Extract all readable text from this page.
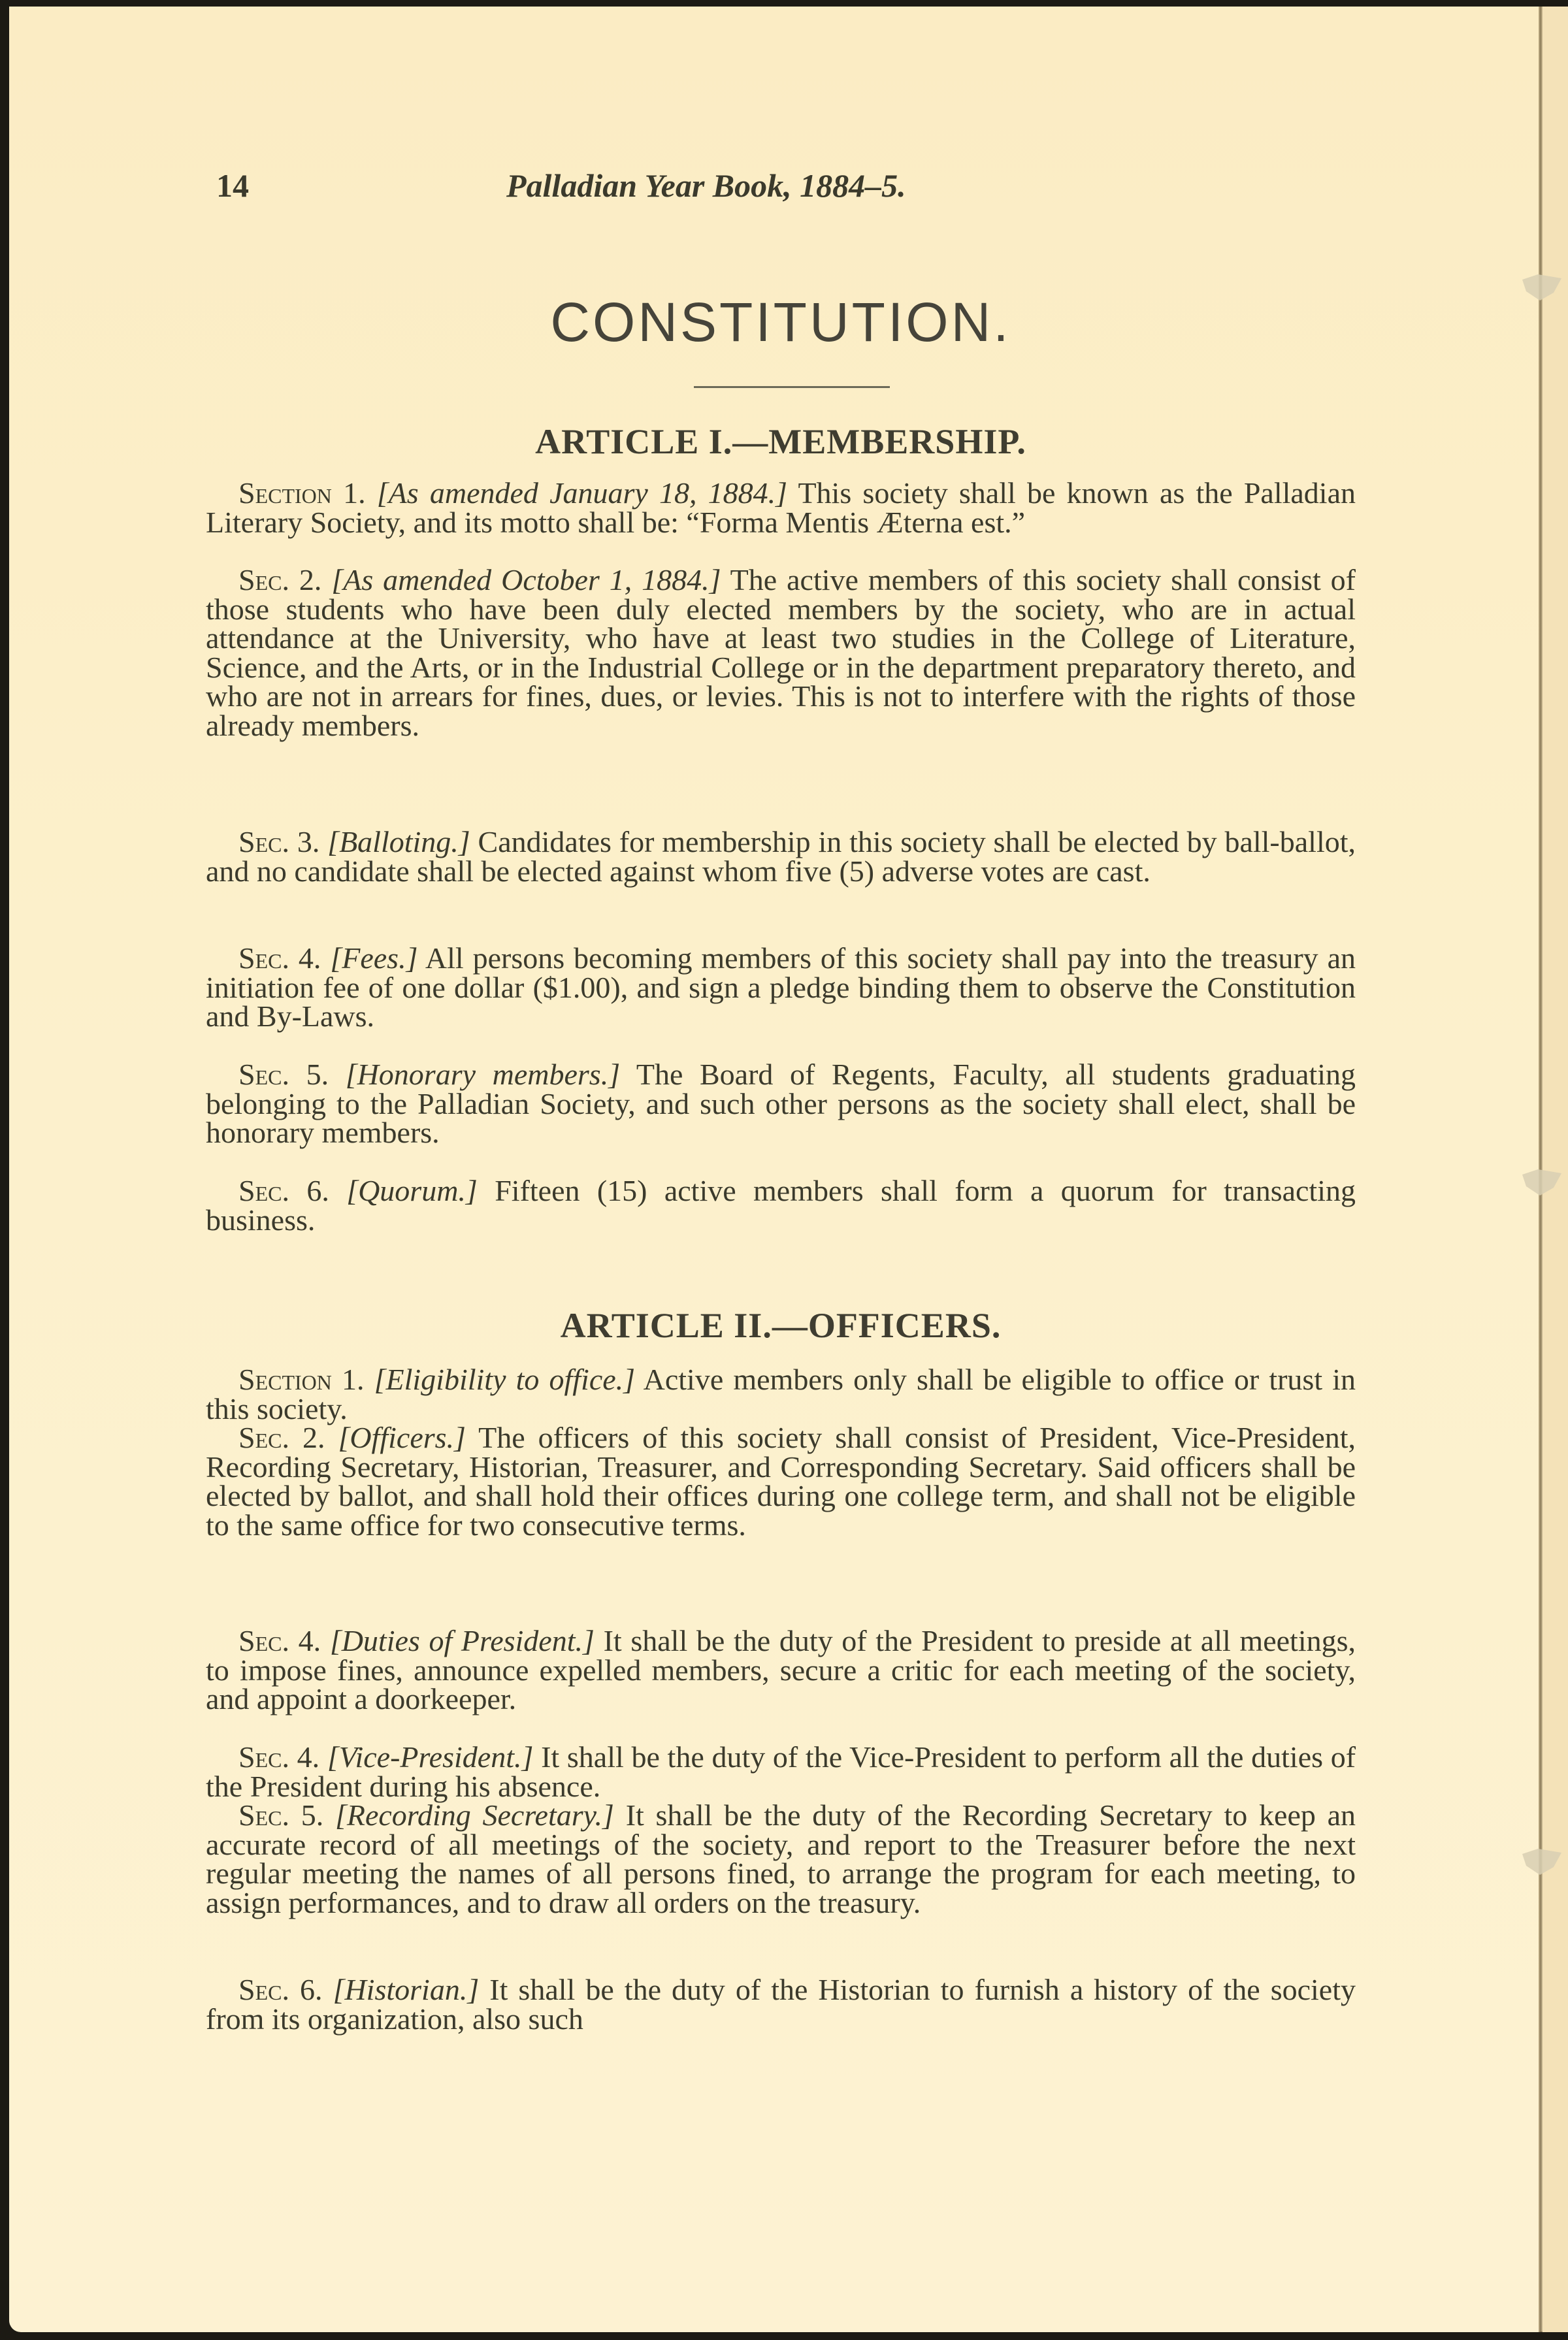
14	Palladian Year Book, 1884–5.
CONSTITUTION.
ARTICLE I.—MEMBERSHIP.
Section 1. [As amended January 18, 1884.] This society shall be known as the Palladian Literary Society, and its motto shall be: “Forma Mentis Æterna est.”
Sec. 2. [As amended October 1, 1884.] The active members of this society shall consist of those students who have been duly elected members by the society, who are in actual attendance at the University, who have at least two studies in the College of Literature, Science, and the Arts, or in the Industrial College or in the department preparatory thereto, and who are not in arrears for fines, dues, or levies. This is not to interfere with the rights of those already members.
Sec. 3. [Balloting.] Candidates for membership in this society shall be elected by ball-ballot, and no candidate shall be elected against whom five (5) adverse votes are cast.
Sec. 4. [Fees.] All persons becoming members of this society shall pay into the treasury an initiation fee of one dollar ($1.00), and sign a pledge binding them to observe the Constitution and By-Laws.
Sec. 5. [Honorary members.] The Board of Regents, Faculty, all students graduating belonging to the Palladian Society, and such other persons as the society shall elect, shall be honorary members.
Sec. 6. [Quorum.] Fifteen (15) active members shall form a quorum for transacting business.
ARTICLE II.—OFFICERS.
Section 1. [Eligibility to office.] Active members only shall be eligible to office or trust in this society.
Sec. 2. [Officers.] The officers of this society shall consist of President, Vice-President, Recording Secretary, Historian, Treasurer, and Corresponding Secretary. Said officers shall be elected by ballot, and shall hold their offices during one college term, and shall not be eligible to the same office for two consecutive terms.
Sec. 4. [Duties of President.] It shall be the duty of the President to preside at all meetings, to impose fines, announce expelled members, secure a critic for each meeting of the society, and appoint a doorkeeper.
Sec. 4. [Vice-President.] It shall be the duty of the Vice-President to perform all the duties of the President during his absence.
Sec. 5. [Recording Secretary.] It shall be the duty of the Recording Secretary to keep an accurate record of all meetings of the society, and report to the Treasurer before the next regular meeting the names of all persons fined, to arrange the program for each meeting, to assign performances, and to draw all orders on the treasury.
Sec. 6. [Historian.] It shall be the duty of the Historian to furnish a history of the society from its organization, also such
